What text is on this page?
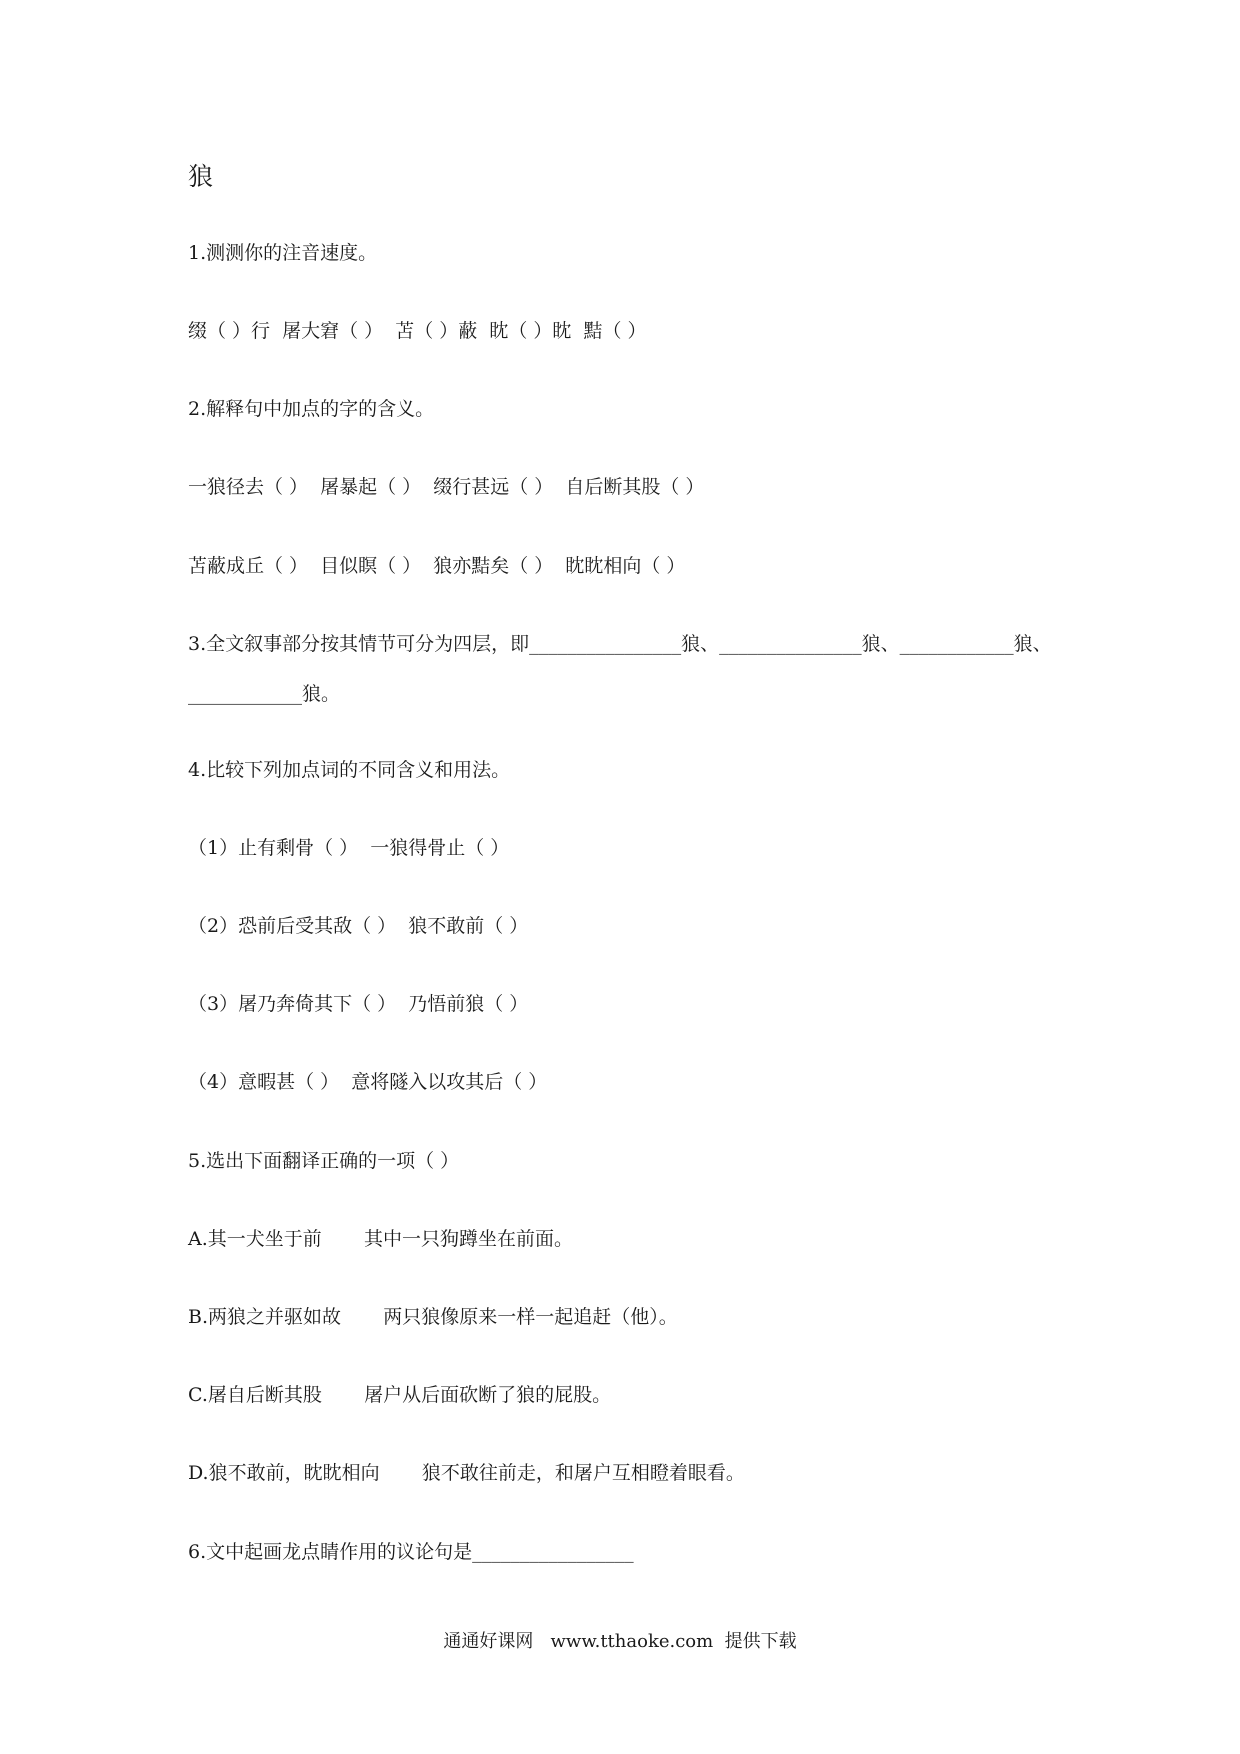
狼
1.测测你的注音速度。
缀（ ）行  屠大窘（ ）  苫（ ）蔽  眈（ ）眈  黠（ ）
2.解释句中加点的字的含义。
一狼径去（ ）  屠暴起（ ）  缀行甚远（ ）  自后断其股（ ）
苫蔽成丘（ ）  目似瞑（ ）  狼亦黠矣（ ）  眈眈相向（ ）
3.全文叙事部分按其情节可分为四层，即________________狼、_______________狼、____________狼、
____________狼。
4.比较下列加点词的不同含义和用法。
（1）止有剩骨（ ）  一狼得骨止（ ）
（2）恐前后受其敌（ ）  狼不敢前（ ）
（3）屠乃奔倚其下（ ）  乃悟前狼（ ）
（4）意暇甚（ ）  意将隧入以攻其后（ ）
5.选出下面翻译正确的一项（ ）
A.其一犬坐于前       其中一只狗蹲坐在前面。
B.两狼之并驱如故       两只狼像原来一样一起追赶（他）。
C.屠自后断其股       屠户从后面砍断了狼的屁股。
D.狼不敢前，眈眈相向       狼不敢往前走，和屠户互相瞪着眼看。
6.文中起画龙点睛作用的议论句是_________________
通通好课网   www.tthaoke.com  提供下载
